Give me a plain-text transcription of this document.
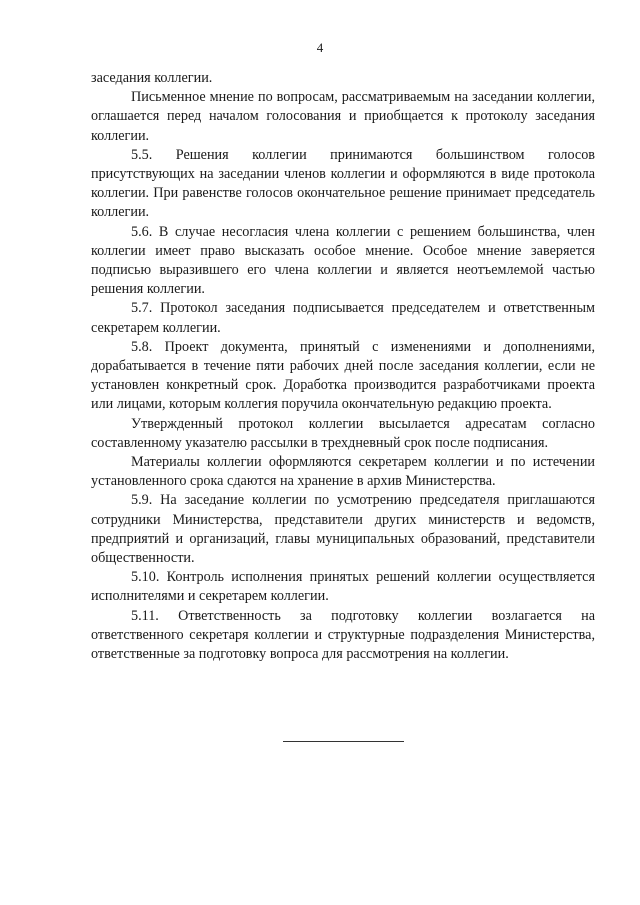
4

заседания коллегии.

Письменное мнение по вопросам, рассматриваемым на заседании коллегии, оглашается перед началом голосования и приобщается к протоколу заседания коллегии.

5.5. Решения коллегии принимаются большинством голосов присутствующих на заседании членов коллегии и оформляются в виде протокола коллегии. При равенстве голосов окончательное решение принимает председатель коллегии.

5.6. В случае несогласия члена коллегии с решением большинства, член коллегии имеет право высказать особое мнение. Особое мнение заверяется подписью выразившего его члена коллегии и является неотъемлемой частью решения коллегии.

5.7. Протокол заседания подписывается председателем и ответственным секретарем коллегии.

5.8. Проект документа, принятый с изменениями и дополнениями, дорабатывается в течение пяти рабочих дней после заседания коллегии, если не установлен конкретный срок. Доработка производится разработчиками проекта или лицами, которым коллегия поручила окончательную редакцию проекта.

Утвержденный протокол коллегии высылается адресатам согласно составленному указателю рассылки в трехдневный срок после подписания.

Материалы коллегии оформляются секретарем коллегии и по истечении установленного срока сдаются на хранение в архив Министерства.

5.9. На заседание коллегии по усмотрению председателя приглашаются сотрудники Министерства, представители других министерств и ведомств, предприятий и организаций, главы муниципальных образований, представители общественности.

5.10. Контроль исполнения принятых решений коллегии осуществляется исполнителями и секретарем коллегии.

5.11. Ответственность за подготовку коллегии возлагается на ответственного секретаря коллегии и структурные подразделения Министерства, ответственные за подготовку вопроса для рассмотрения на коллегии.
